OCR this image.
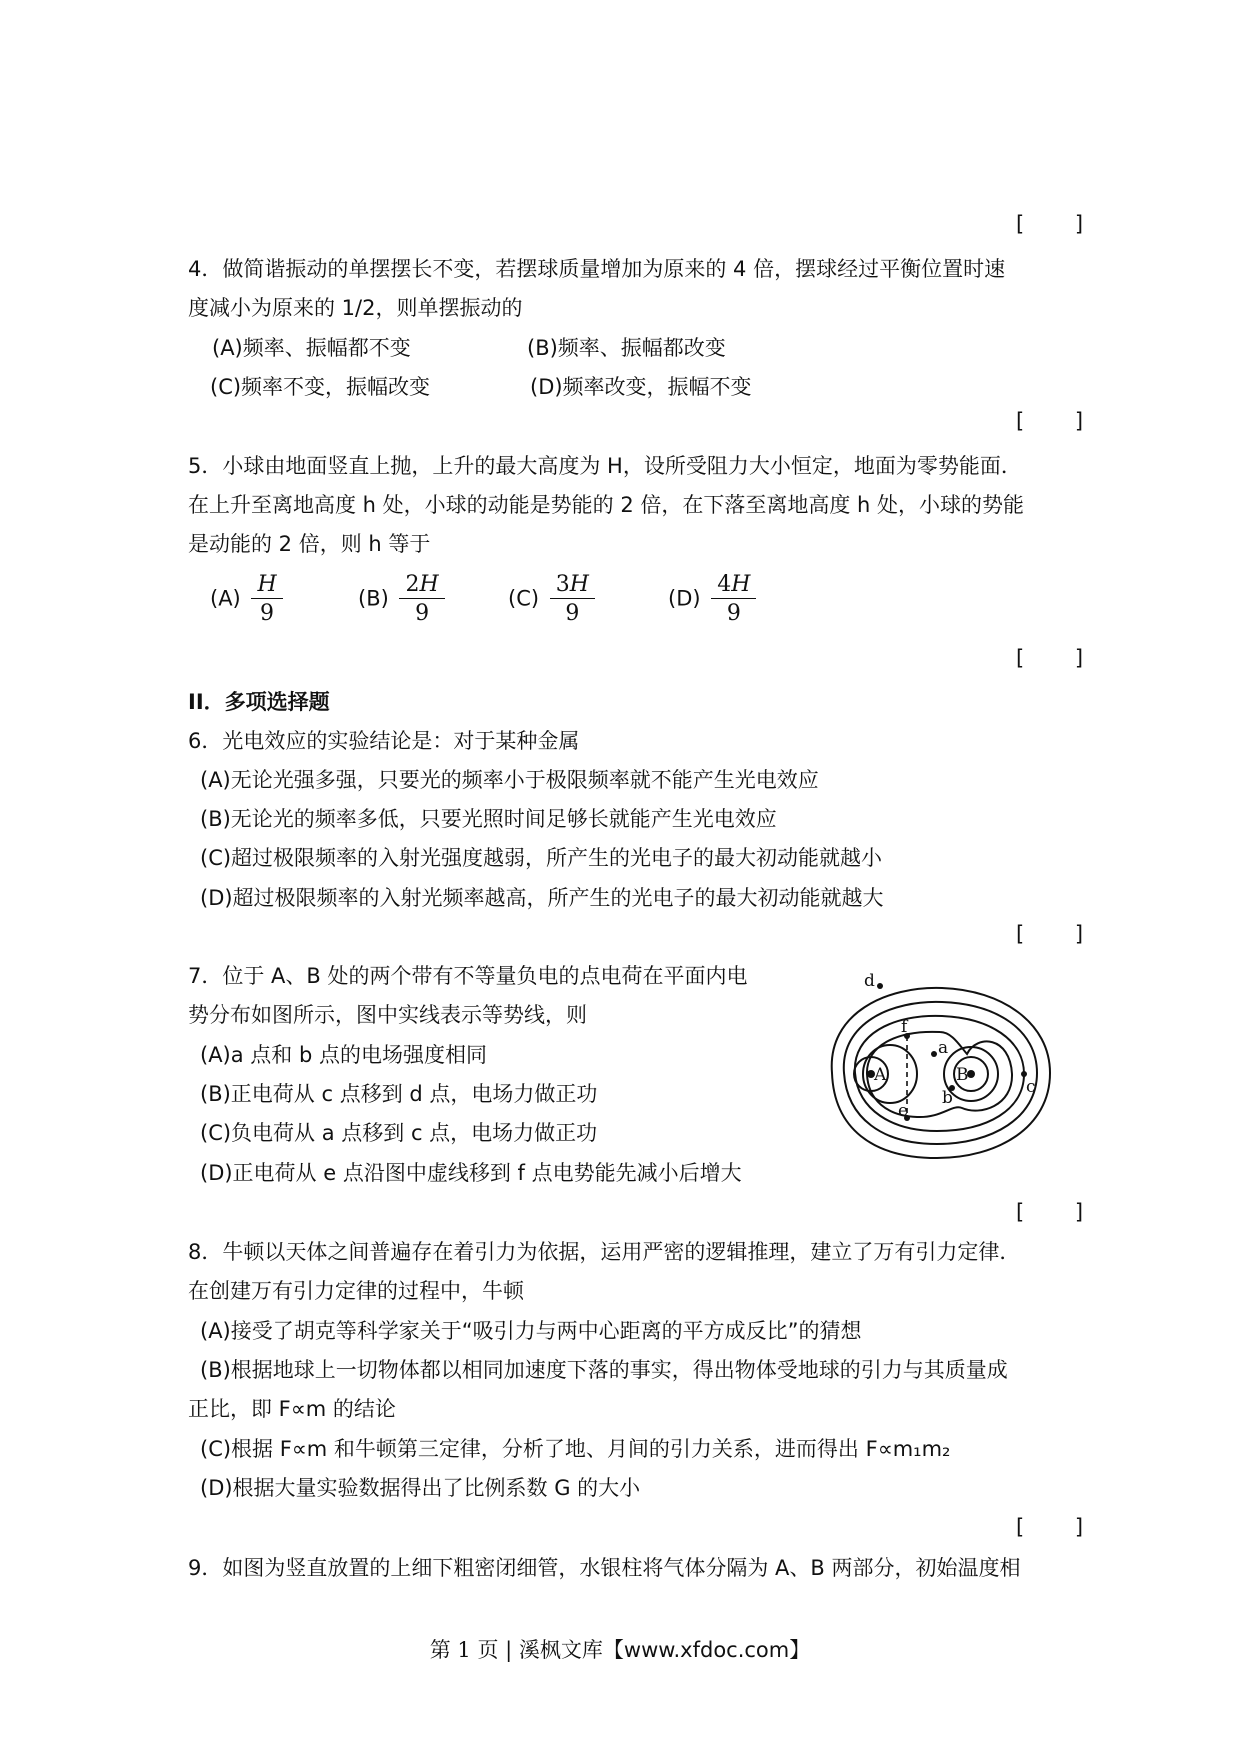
[ ]
[ ]
[ ]
[ ]
[ ]
[ ]
4．做简谐振动的单摆摆长不变，若摆球质量增加为原来的 4 倍，摆球经过平衡位置时速
度减小为原来的 1/2，则单摆振动的
(A)频率、振幅都不变	(B)频率、振幅都改变
(C)频率不变，振幅改变	(D)频率改变，振幅不变
5．小球由地面竖直上抛，上升的最大高度为 H，设所受阻力大小恒定，地面为零势能面．
在上升至离地高度 h 处，小球的动能是势能的 2 倍，在下落至离地高度 h 处，小球的势能
是动能的 2 倍，则 h 等于
$(A) \frac{H}{9}$	$(B) \frac{2H}{9}$	$(C) \frac{3H}{9}$	$(D) \frac{4H}{9}$
II．多项选择题
6．光电效应的实验结论是：对于某种金属
(A)无论光强多强，只要光的频率小于极限频率就不能产生光电效应
(B)无论光的频率多低，只要光照时间足够长就能产生光电效应
(C)超过极限频率的入射光强度越弱，所产生的光电子的最大初动能就越小
(D)超过极限频率的入射光频率越高，所产生的光电子的最大初动能就越大
7．位于 A、B 处的两个带有不等量负电的点电荷在平面内电
势分布如图所示，图中实线表示等势线，则
(A)a 点和 b 点的电场强度相同
(B)正电荷从 c 点移到 d 点，电场力做正功
(C)负电荷从 a 点移到 c 点，电场力做正功
(D)正电荷从 e 点沿图中虚线移到 f 点电势能先减小后增大
A	B
a
b
c
d
e
f
8．牛顿以天体之间普遍存在着引力为依据，运用严密的逻辑推理，建立了万有引力定律．
在创建万有引力定律的过程中，牛顿
(A)接受了胡克等科学家关于“吸引力与两中心距离的平方成反比”的猜想
(B)根据地球上一切物体都以相同加速度下落的事实，得出物体受地球的引力与其质量成
正比，即 F∝m 的结论
(C)根据 F∝m 和牛顿第三定律，分析了地、月间的引力关系，进而得出 F∝m₁m₂
(D)根据大量实验数据得出了比例系数 G 的大小
9．如图为竖直放置的上细下粗密闭细管，水银柱将气体分隔为 A、B 两部分，初始温度相
第 1 页 | 溪枫文库【www.xfdoc.com】
